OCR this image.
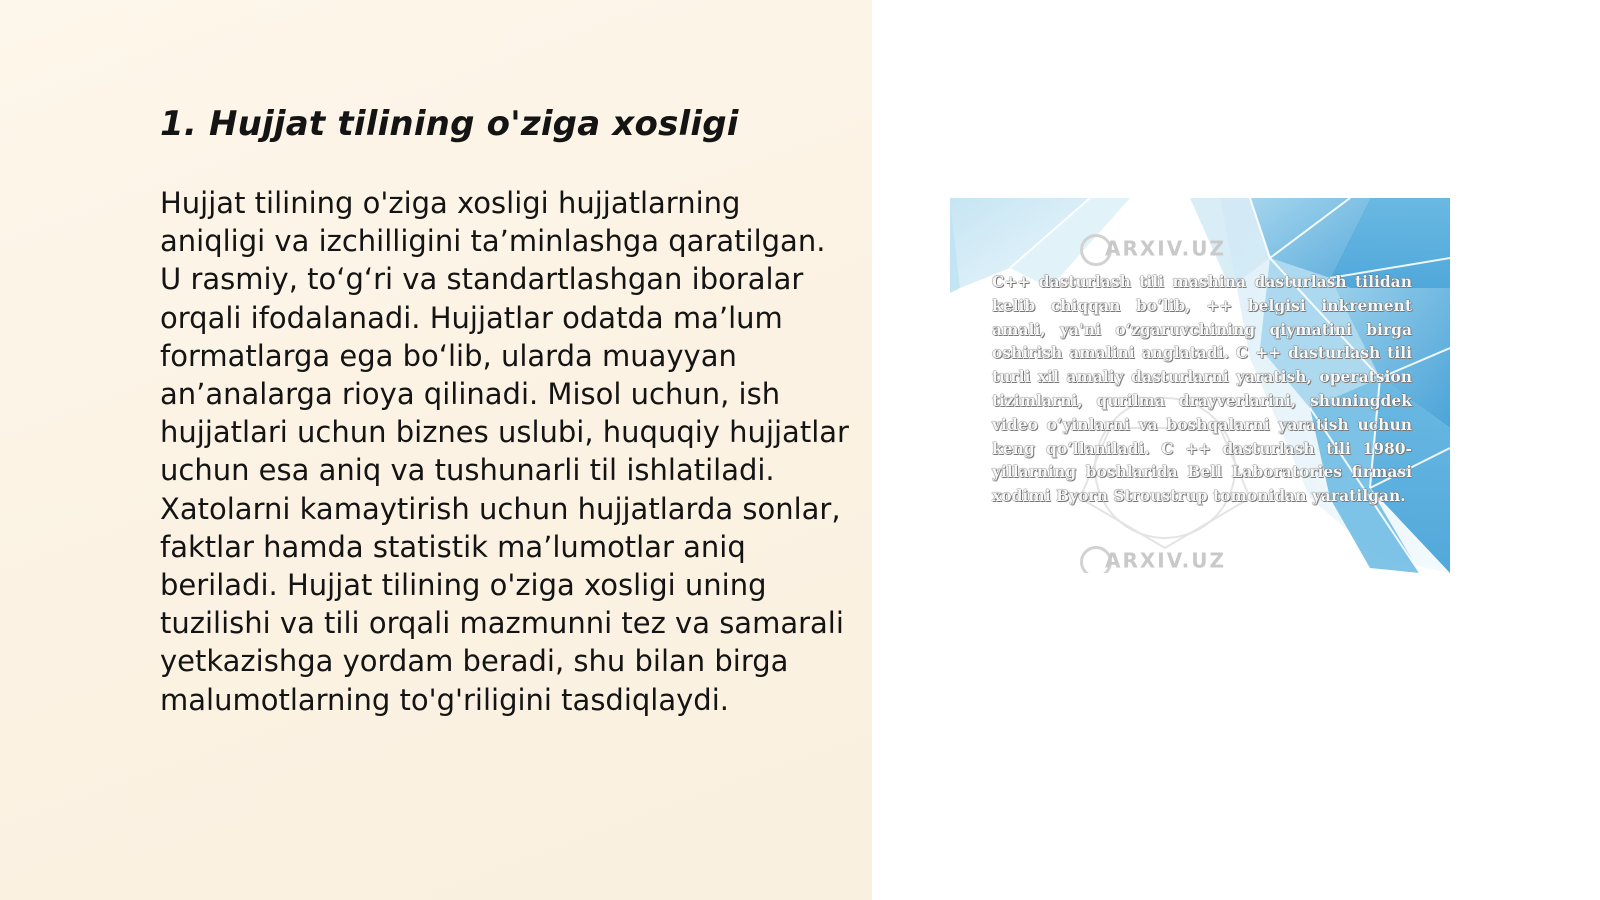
1. Hujjat tilining o'ziga xosligi

Hujjat tilining o'ziga xosligi hujjatlarning aniqligi va izchilligini ta’minlashga qaratilgan. U rasmiy, to‘g‘ri va standartlashgan iboralar orqali ifodalanadi. Hujjatlar odatda ma’lum formatlarga ega bo‘lib, ularda muayyan an’analarga rioya qilinadi. Misol uchun, ish hujjatlari uchun biznes uslubi, huquqiy hujjatlar uchun esa aniq va tushunarli til ishlatiladi. Xatolarni kamaytirish uchun hujjatlarda sonlar, faktlar hamda statistik ma’lumotlar aniq beriladi. Hujjat tilining o'ziga xosligi uning tuzilishi va tili orqali mazmunni tez va samarali yetkazishga yordam beradi, shu bilan birga malumotlarning to'g'riligini tasdiqlaydi.

ARXIV.UZ

C++ dasturlash tili mashina dasturlash tilidan kelib chiqqan bo‘lib, ++ belgisi inkrement amali, ya'ni o‘zgaruvchining qiymatini birga oshirish amalini anglatadi. C ++ dasturlash tili turli xil amaliy dasturlarni yaratish, operatsion tizimlarni, qurilma drayverlarini, shuningdek video o‘yinlarni va boshqalarni yaratish uchun keng qo‘llaniladi. C ++ dasturlash tili 1980-yillarning boshlarida Bell Laboratories firmasi xodimi Byorn Stroustrup tomonidan yaratilgan.

ARXIV.UZ
